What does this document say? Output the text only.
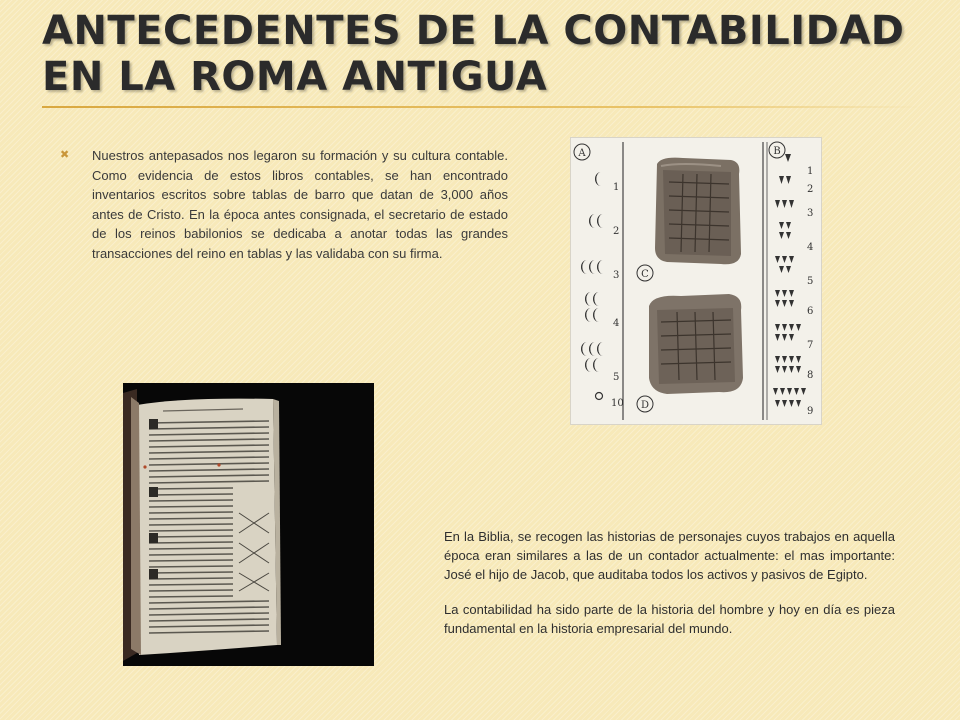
ANTECEDENTES DE LA CONTABILIDAD EN LA ROMA ANTIGUA
✖ Nuestros antepasados nos legaron su formación y su cultura contable. Como evidencia de estos libros contables, se han encontrado inventarios escritos sobre tablas de barro que datan de 3,000 años antes de Cristo. En la época antes consignada, el secretario de estado de los reinos babilonios se dedicaba a anotar todas las grandes transacciones del reino en tablas y las validaba con su firma.
A	B
C
D
1
2
3
4
5
10
1
2
3
4
5
6
7
8
9

En la Biblia, se recogen las historias de personajes cuyos trabajos en aquella época eran similares a las de un contador actualmente: el mas importante: José el hijo de Jacob, que auditaba todos los activos y pasivos de Egipto.

La contabilidad ha sido parte de la historia del hombre y hoy en día es pieza fundamental en la historia empresarial del mundo.
